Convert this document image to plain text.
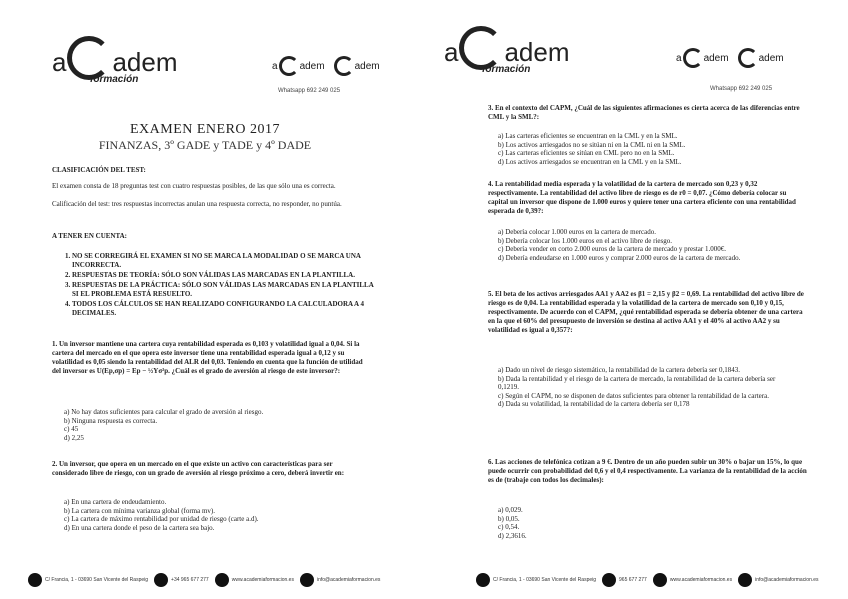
a adem
formación
a adem	adem
Whatsapp 692 249 025
EXAMEN ENERO 2017
FINANZAS, 3º GADE y TADE y 4º DADE
CLASIFICACIÓN DEL TEST:
El examen consta de 18 preguntas test con cuatro respuestas posibles, de las que sólo una es correcta.
Calificación del test: tres respuestas incorrectas anulan una respuesta correcta, no responder, no puntúa.
A TENER EN CUENTA:
1. NO SE CORREGIRÁ EL EXAMEN SI NO SE MARCA LA MODALIDAD O SE MARCA UNA INCORRECTA.
2. RESPUESTAS DE TEORÍA: SÓLO SON VÁLIDAS LAS MARCADAS EN LA PLANTILLA.
3. RESPUESTAS DE LA PRÁCTICA: SÓLO SON VÁLIDAS LAS MARCADAS EN LA PLANTILLA SI EL PROBLEMA ESTÁ RESUELTO.
4. TODOS LOS CÁLCULOS SE HAN REALIZADO CONFIGURANDO LA CALCULADORA A 4 DECIMALES.
1. Un inversor mantiene una cartera cuya rentabilidad esperada es 0,103 y volatilidad igual a 0,04. Si la cartera del mercado en el que opera este inversor tiene una rentabilidad esperada igual a 0,12 y su volatilidad es 0,05 siendo la rentabilidad del ALR del 0,03. Teniendo en cuenta que la función de utilidad del inversor es U(Ep,σp) = Ep − ½Yσ²p. ¿Cuál es el grado de aversión al riesgo de este inversor?:
a) No hay datos suficientes para calcular el grado de aversión al riesgo.
b) Ninguna respuesta es correcta.
c) 45
d) 2,25
2. Un inversor, que opera en un mercado en el que existe un activo con características para ser considerado libre de riesgo, con un grado de aversión al riesgo próximo a cero, deberá invertir en:
a) En una cartera de endeudamiento.
b) La cartera con mínima varianza global (forma mv).
c) La cartera de máximo rentabilidad por unidad de riesgo (carte a.d).
d) En una cartera donde el peso de la cartera sea bajo.
C/ Francia, 1 - 03690 San Vicente del Raspeig	+34 965 677 277	www.academiaformacion.es	info@academiaformacion.es
a adem
formación
a adem	adem
Whatsapp 692 249 025
3. En el contexto del CAPM, ¿Cuál de las siguientes afirmaciones es cierta acerca de las diferencias entre CML y la SML?:
a) Las carteras eficientes se encuentran en la CML y en la SML.
b) Los activos arriesgados no se sitúan ni en la CML ni en la SML.
c) Las carteras eficientes se sitúan en CML pero no en la SML.
d) Los activos arriesgados se encuentran en la CML y en la SML.
4. La rentabilidad media esperada y la volatilidad de la cartera de mercado son 0,23 y 0,32 respectivamente. La rentabilidad del activo libre de riesgo es de r0 = 0,07. ¿Cómo debería colocar su capital un inversor que dispone de 1.000 euros y quiere tener una cartera eficiente con una rentabilidad esperada de 0,39?:
a) Debería colocar 1.000 euros en la cartera de mercado.
b) Debería colocar los 1.000 euros en el activo libre de riesgo.
c) Debería vender en corto 2.000 euros de la cartera de mercado y prestar 1.000€.
d) Debería endeudarse en 1.000 euros y comprar 2.000 euros de la cartera de mercado.
5. El beta de los activos arriesgados AA1 y AA2 es β1 = 2,15 y β2 = 0,69. La rentabilidad del activo libre de riesgo es de 0,04. La rentabilidad esperada y la volatilidad de la cartera de mercado son 0,10 y 0,15, respectivamente. De acuerdo con el CAPM, ¿qué rentabilidad esperada se debería obtener de una cartera en la que el 60% del presupuesto de inversión se destina al activo AA1 y el 40% al activo AA2 y su volatilidad es igual a 0,357?:
a) Dado un nivel de riesgo sistemático, la rentabilidad de la cartera debería ser 0,1843.
b) Dada la rentabilidad y el riesgo de la cartera de mercado, la rentabilidad de la cartera debería ser 0,1219.
c) Según el CAPM, no se disponen de datos suficientes para obtener la rentabilidad de la cartera.
d) Dada su volatilidad, la rentabilidad de la cartera debería ser 0,178
6. Las acciones de telefónica cotizan a 9 €. Dentro de un año pueden subir un 30% o bajar un 15%, lo que puede ocurrir con probabilidad del 0,6 y el 0,4 respectivamente. La varianza de la rentabilidad de la acción es de (trabaje con todos los decimales):
a) 0,029.
b) 0,05.
c) 0,54.
d) 2,3616.
C/ Francia, 1 - 03690 San Vicente del Raspeig	965 677 277	www.academiaformacion.es	info@academiaformacion.es
